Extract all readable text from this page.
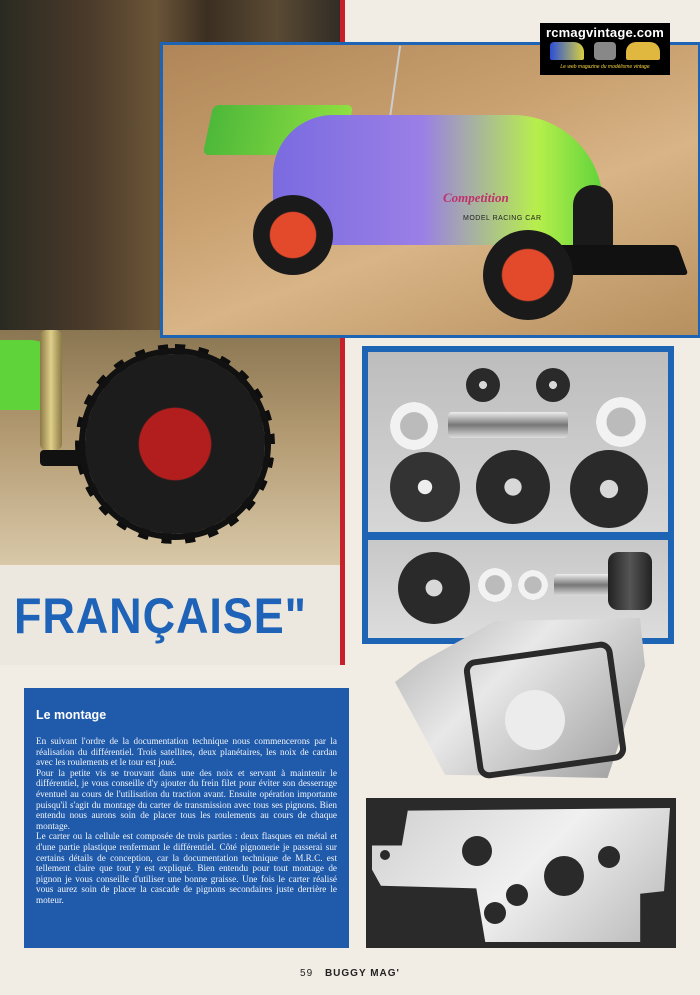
FRANÇAISE"
Competition
MODEL RACING CAR
rcmagvintage.com
Le web magazine du modélisme vintage
Le montage

En suivant l'ordre de la documentation technique nous commencerons par la réalisation du différentiel. Trois satellites, deux planétaires, les noix de cardan avec les roulements et le tour est joué.

Pour la petite vis se trouvant dans une des noix et servant à maintenir le différentiel, je vous conseille d'y ajouter du frein filet pour éviter son desserrage éventuel au cours de l'utilisation du traction avant. Ensuite opération importante puisqu'il s'agit du montage du carter de transmission avec tous ses pignons. Bien entendu nous aurons soin de placer tous les roulements au cours de chaque montage.

Le carter ou la cellule est composée de trois parties : deux flasques en métal et d'une partie plastique renfermant le différentiel. Côté pignonerie je passerai sur certains détails de conception, car la documentation technique de M.R.C. est tellement claire que tout y est expliqué. Bien entendu pour tout montage de pignon je vous conseille d'utiliser une bonne graisse. Une fois le carter réalisé vous aurez soin de placer la cascade de pignons secondaires juste derrière le moteur.

59 BUGGY MAG'
